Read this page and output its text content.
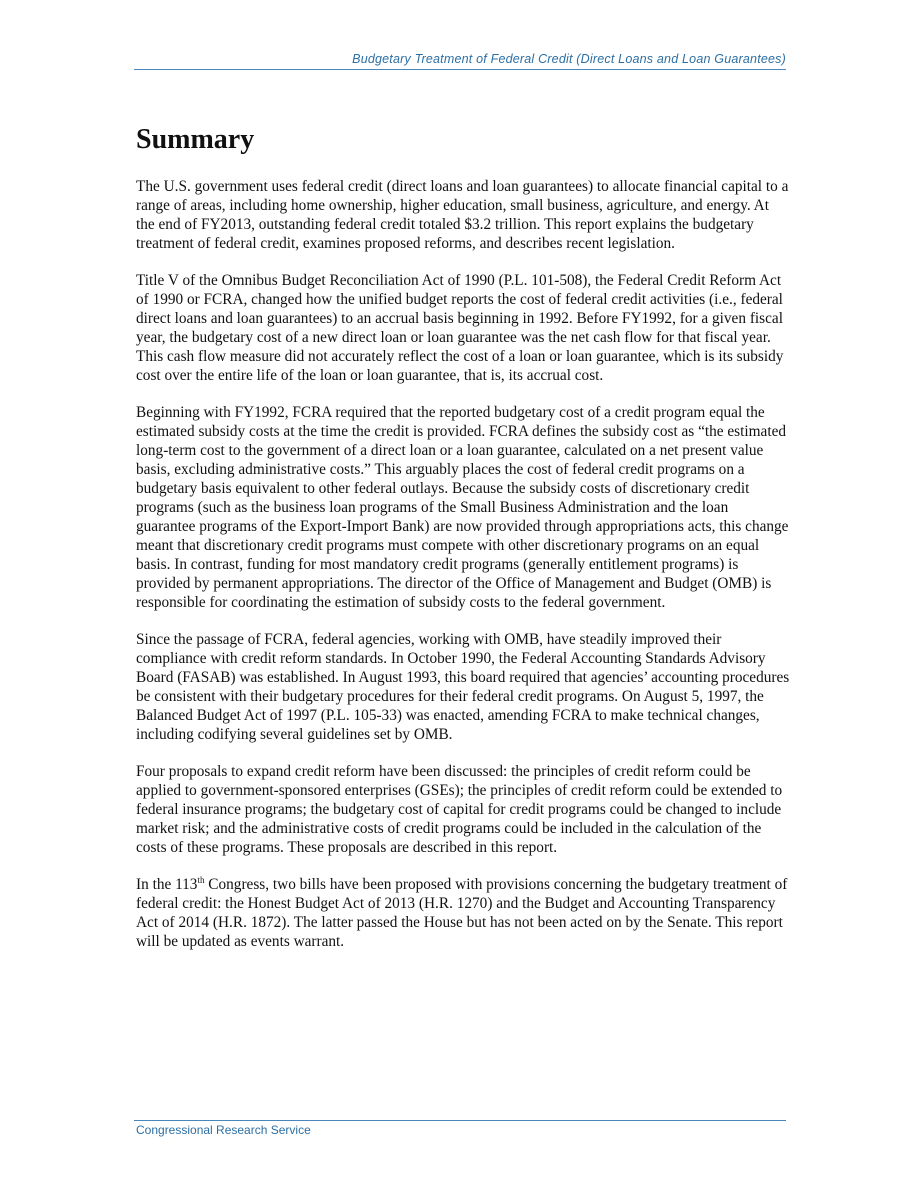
Budgetary Treatment of Federal Credit (Direct Loans and Loan Guarantees)
Summary

The U.S. government uses federal credit (direct loans and loan guarantees) to allocate financial capital to a range of areas, including home ownership, higher education, small business, agriculture, and energy. At the end of FY2013, outstanding federal credit totaled $3.2 trillion. This report explains the budgetary treatment of federal credit, examines proposed reforms, and describes recent legislation.

Title V of the Omnibus Budget Reconciliation Act of 1990 (P.L. 101-508), the Federal Credit Reform Act of 1990 or FCRA, changed how the unified budget reports the cost of federal credit activities (i.e., federal direct loans and loan guarantees) to an accrual basis beginning in 1992. Before FY1992, for a given fiscal year, the budgetary cost of a new direct loan or loan guarantee was the net cash flow for that fiscal year. This cash flow measure did not accurately reflect the cost of a loan or loan guarantee, which is its subsidy cost over the entire life of the loan or loan guarantee, that is, its accrual cost.

Beginning with FY1992, FCRA required that the reported budgetary cost of a credit program equal the estimated subsidy costs at the time the credit is provided. FCRA defines the subsidy cost as “the estimated long-term cost to the government of a direct loan or a loan guarantee, calculated on a net present value basis, excluding administrative costs.” This arguably places the cost of federal credit programs on a budgetary basis equivalent to other federal outlays. Because the subsidy costs of discretionary credit programs (such as the business loan programs of the Small Business Administration and the loan guarantee programs of the Export-Import Bank) are now provided through appropriations acts, this change meant that discretionary credit programs must compete with other discretionary programs on an equal basis. In contrast, funding for most mandatory credit programs (generally entitlement programs) is provided by permanent appropriations. The director of the Office of Management and Budget (OMB) is responsible for coordinating the estimation of subsidy costs to the federal government.

Since the passage of FCRA, federal agencies, working with OMB, have steadily improved their compliance with credit reform standards. In October 1990, the Federal Accounting Standards Advisory Board (FASAB) was established. In August 1993, this board required that agencies’ accounting procedures be consistent with their budgetary procedures for their federal credit programs. On August 5, 1997, the Balanced Budget Act of 1997 (P.L. 105-33) was enacted, amending FCRA to make technical changes, including codifying several guidelines set by OMB.

Four proposals to expand credit reform have been discussed: the principles of credit reform could be applied to government-sponsored enterprises (GSEs); the principles of credit reform could be extended to federal insurance programs; the budgetary cost of capital for credit programs could be changed to include market risk; and the administrative costs of credit programs could be included in the calculation of the costs of these programs. These proposals are described in this report.

In the 113th Congress, two bills have been proposed with provisions concerning the budgetary treatment of federal credit: the Honest Budget Act of 2013 (H.R. 1270) and the Budget and Accounting Transparency Act of 2014 (H.R. 1872). The latter passed the House but has not been acted on by the Senate. This report will be updated as events warrant.

Congressional Research Service
